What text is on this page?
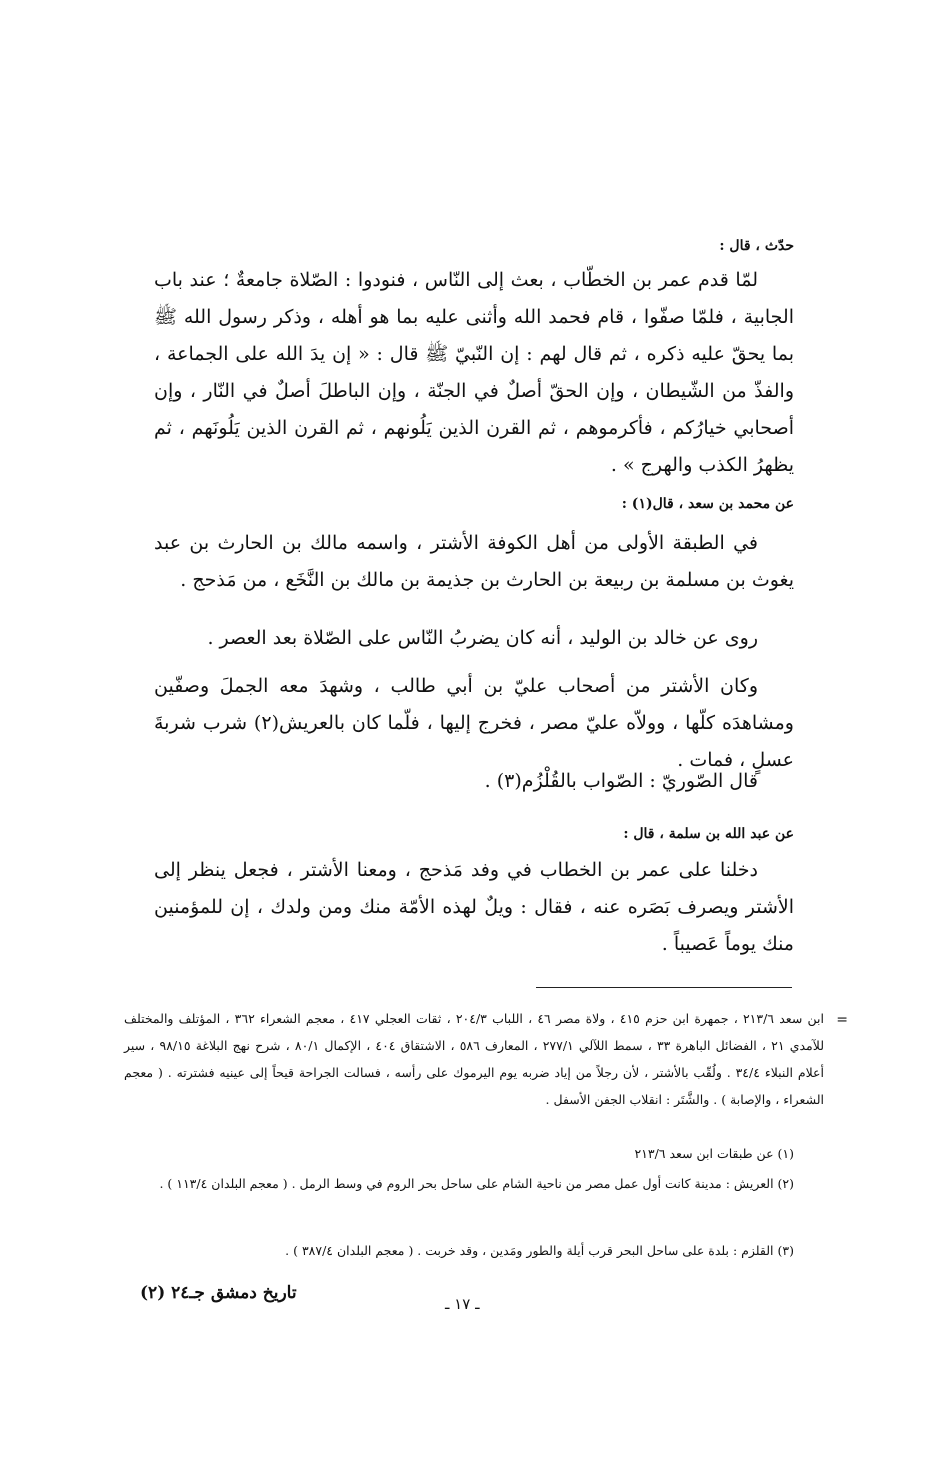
حدّث ، قال :

لمّا قدم عمر بن الخطّاب ، بعث إلى النّاس ، فنودوا : الصّلاة جامعةٌ ؛ عند باب الجابية ، فلمّا صفّوا ، قام فحمد الله وأثنى عليه بما هو أهله ، وذكر رسول الله ﷺ بما يحقّ عليه ذكره ، ثم قال لهم : إن النّبيّ ﷺ قال : « إن يدَ الله على الجماعة ، والفذّ من الشّيطان ، وإن الحقّ أصلٌ في الجنّة ، وإن الباطلَ أصلٌ في النّار ، وإن أصحابي خيارُكم ، فأكرموهم ، ثم القرن الذين يَلُونهم ، ثم القرن الذين يَلُونَهم ، ثم يظهرُ الكذب والهرج » .

عن محمد بن سعد ، قال(١) :

في الطبقة الأولى من أهل الكوفة الأشتر ، واسمه مالك بن الحارث بن عبد يغوث بن مسلمة بن ربيعة بن الحارث بن جذيمة بن مالك بن النَّخَع ، من مَذحج .

روى عن خالد بن الوليد ، أنه كان يضربُ النّاس على الصّلاة بعد العصر .

وكان الأشتر من أصحاب عليّ بن أبي طالب ، وشهدَ معه الجملَ وصفّين ومشاهدَه كلّها ، وولاّه عليّ مصر ، فخرج إليها ، فلّما كان بالعريش(٢) شرب شربةَ عسلٍ ، فمات .

قال الصّوريّ : الصّواب بالقُلْزُم(٣) .

عن عبد الله بن سلمة ، قال :

دخلنا على عمر بن الخطاب في وفد مَذحج ، ومعنا الأشتر ، فجعل ينظر إلى الأشتر ويصرف بَصَره عنه ، فقال : ويلٌ لهذه الأمّة منك ومن ولدك ، إن للمؤمنين منك يوماً عَصيباً .

=

ابن سعد ٢١٣/٦ ، جمهرة ابن حزم ٤١٥ ، ولاة مصر ٤٦ ، اللباب ٢٠٤/٣ ، ثقات العجلي ٤١٧ ، معجم الشعراء ٣٦٢ ، المؤتلف والمختلف للآمدي ٢١ ، الفضائل الباهرة ٣٣ ، سمط اللآلي ٢٧٧/١ ، المعارف ٥٨٦ ، الاشتقاق ٤٠٤ ، الإكمال ٨٠/١ ، شرح نهج البلاغة ٩٨/١٥ ، سير أعلام النبلاء ٣٤/٤ . ولُقّب بالأشتر ، لأن رجلاً من إياد ضربه يوم اليرموك على رأسه ، فسالت الجراحة قيحاً إلى عينيه فشترته . ( معجم الشعراء ، والإصابة ) . والشَّتَر : انقلاب الجفن الأسفل .

(١) عن طبقات ابن سعد ٢١٣/٦

(٢) العريش : مدينة كانت أول عمل مصر من ناحية الشام على ساحل بحر الروم في وسط الرمل . ( معجم البلدان ١١٣/٤ ) .

(٣) القلزم : بلدة على ساحل البحر قرب أيلة والطور ومَدين ، وقد خربت . ( معجم البلدان ٣٨٧/٤ ) .

تاريخ دمشق جـ٢٤ (٢)
ـ ١٧ ـ
